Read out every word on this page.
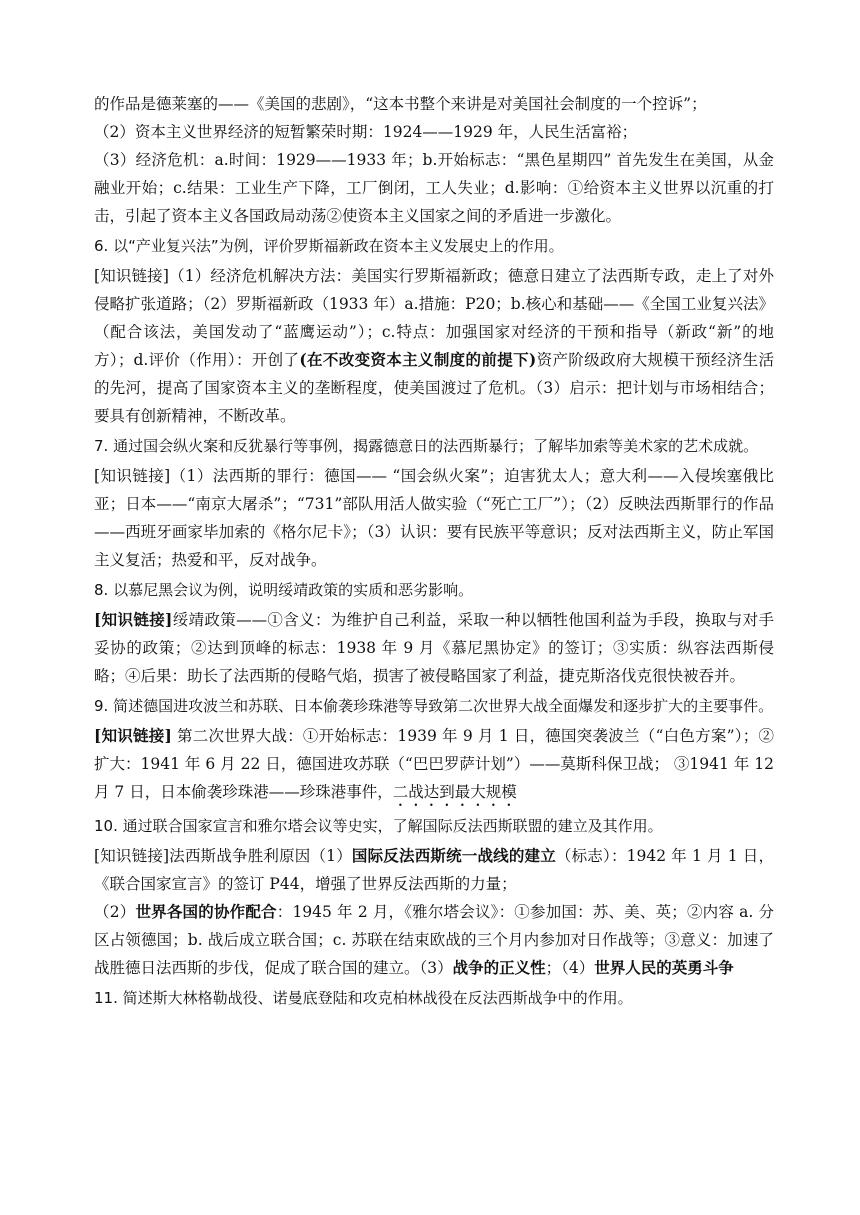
的作品是德莱塞的——《美国的悲剧》，“这本书整个来讲是对美国社会制度的一个控诉”；

（2）资本主义世界经济的短暂繁荣时期：1924——1929 年，人民生活富裕；

（3）经济危机：a.时间：1929——1933 年；b.开始标志：“黑色星期四” 首先发生在美国，从金融业开始；c.结果：工业生产下降，工厂倒闭，工人失业；d.影响：①给资本主义世界以沉重的打击，引起了资本主义各国政局动荡②使资本主义国家之间的矛盾进一步激化。

6. 以“产业复兴法”为例，评价罗斯福新政在资本主义发展史上的作用。

[知识链接]（1）经济危机解决方法：美国实行罗斯福新政；德意日建立了法西斯专政，走上了对外侵略扩张道路；（2）罗斯福新政（1933 年）a.措施：P20；b.核心和基础——《全国工业复兴法》（配合该法，美国发动了“蓝鹰运动”）；c.特点：加强国家对经济的干预和指导（新政“新”的地方）；d.评价（作用）：开创了(在不改变资本主义制度的前提下)资产阶级政府大规模干预经济生活的先河，提高了国家资本主义的垄断程度，使美国渡过了危机。（3）启示：把计划与市场相结合；要具有创新精神，不断改革。

7. 通过国会纵火案和反犹暴行等事例，揭露德意日的法西斯暴行；了解毕加索等美术家的艺术成就。

[知识链接]（1）法西斯的罪行：德国—— “国会纵火案”；迫害犹太人；意大利——入侵埃塞俄比亚；日本——“南京大屠杀”；“731”部队用活人做实验（“死亡工厂”）；（2）反映法西斯罪行的作品——西班牙画家毕加索的《格尔尼卡》；（3）认识：要有民族平等意识；反对法西斯主义，防止军国主义复活；热爱和平，反对战争。

8. 以慕尼黑会议为例，说明绥靖政策的实质和恶劣影响。

[知识链接]绥靖政策——①含义：为维护自己利益，采取一种以牺牲他国利益为手段，换取与对手妥协的政策；②达到顶峰的标志：1938 年 9 月《慕尼黑协定》的签订；③实质：纵容法西斯侵略；④后果：助长了法西斯的侵略气焰，损害了被侵略国家了利益，捷克斯洛伐克很快被吞并。

9. 简述德国进攻波兰和苏联、日本偷袭珍珠港等导致第二次世界大战全面爆发和逐步扩大的主要事件。

[知识链接] 第二次世界大战：①开始标志：1939 年 9 月 1 日，德国突袭波兰（“白色方案”）；②扩大：1941 年 6 月 22 日，德国进攻苏联（“巴巴罗萨计划”）——莫斯科保卫战； ③1941 年 12 月 7 日，日本偷袭珍珠港——珍珠港事件，二战达到最大规模

10. 通过联合国家宣言和雅尔塔会议等史实，了解国际反法西斯联盟的建立及其作用。

[知识链接]法西斯战争胜利原因（1）国际反法西斯统一战线的建立（标志）：1942 年 1 月 1 日，《联合国家宣言》的签订 P44，增强了世界反法西斯的力量；

（2）世界各国的协作配合：1945 年 2 月，《雅尔塔会议》：①参加国：苏、美、英；②内容 a. 分区占领德国；b. 战后成立联合国；c. 苏联在结束欧战的三个月内参加对日作战等；③意义：加速了战胜德日法西斯的步伐，促成了联合国的建立。（3）战争的正义性；（4）世界人民的英勇斗争

11. 简述斯大林格勒战役、诺曼底登陆和攻克柏林战役在反法西斯战争中的作用。
